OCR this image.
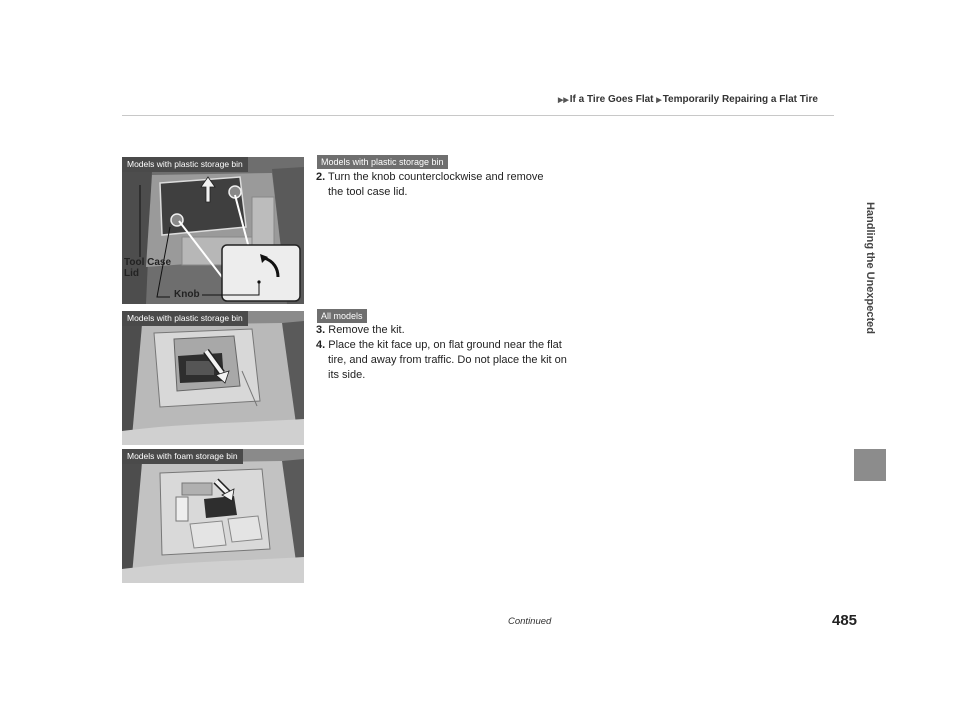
▶▶If a Tire Goes Flat ▶Temporarily Repairing a Flat Tire
Handling the Unexpected
Models with plastic storage bin
Tool Case Lid
Knob
Models with plastic storage bin
Models with foam storage bin
Models with plastic storage bin
2. Turn the knob counterclockwise and remove the tool case lid.
All models
3. Remove the kit.
4. Place the kit face up, on flat ground near the flat tire, and away from traffic. Do not place the kit on its side.
Continued	485
